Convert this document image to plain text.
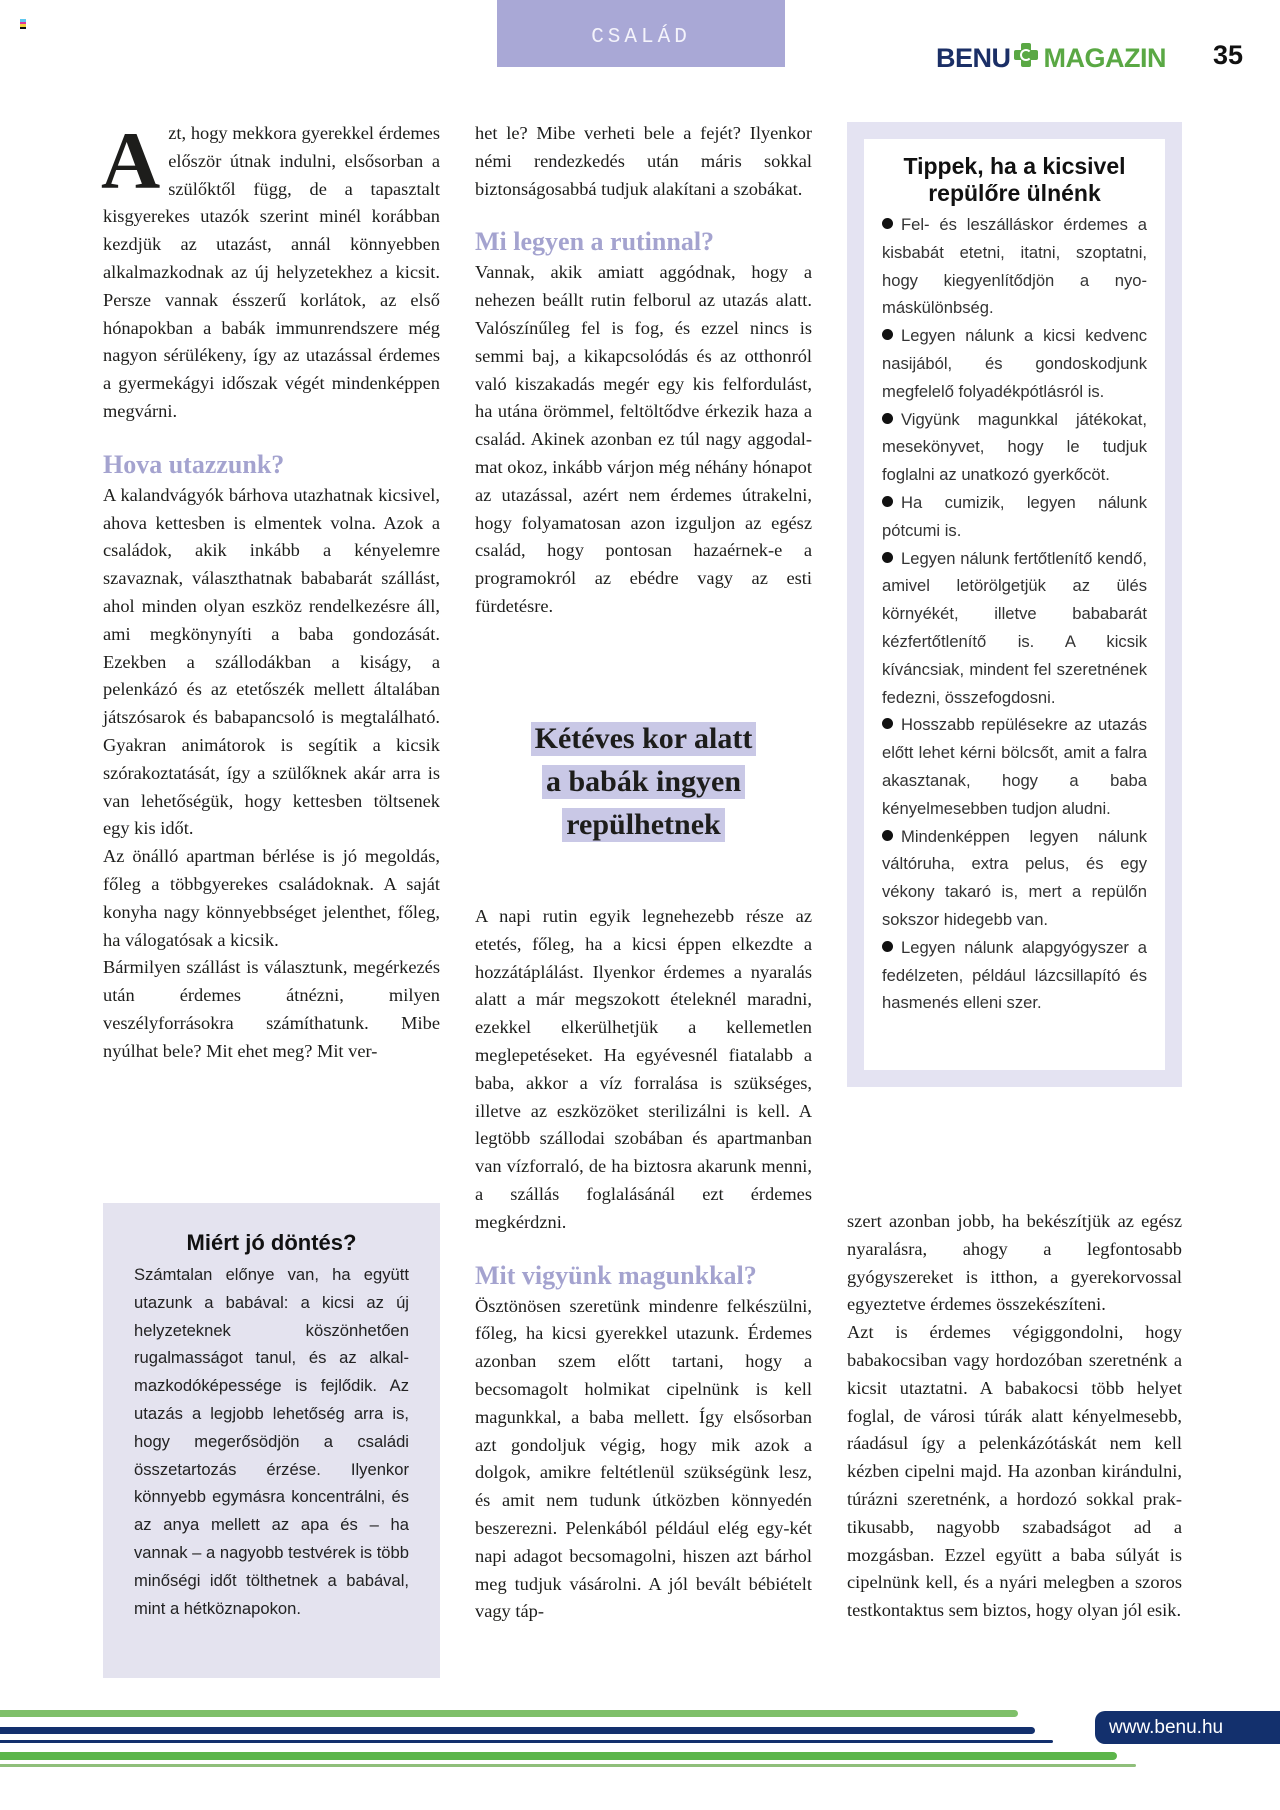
CSALÁD
BENU MAGAZIN 35

Azt, hogy mekkora gyerekkel érdemes először útnak indulni, elsősorban a szülőktől függ, de a tapasztalt kisgyerekes utazók szerint minél korábban kezdjük az utazást, annál könnyebben alkalmazkodnak az új helyzetekhez a kicsit. Persze vannak ésszerű korlátok, az első hónapokban a babák immunrendszere még nagyon sérülékeny, így az utazással érdemes a gyermekágyi időszak végét mindenképpen megvárni.

Hova utazzunk?

A kalandvágyók bárhova utazhatnak kicsivel, ahova kettesben is elmentek volna. Azok a családok, akik inkább a kényelemre szavaznak, választhatnak bababarát szállást, ahol minden olyan eszköz rendelkezésre áll, ami megkönynyíti a baba gondozását. Ezekben a szállodákban a kiságy, a pelenkázó és az etetőszék mellett általában játszósarok és babapancsoló is megtalálható. Gyakran animátorok is segítik a kicsik szórakoztatását, így a szülőknek akár arra is van lehetőségük, hogy kettesben töltsenek egy kis időt.

Az önálló apartman bérlése is jó megoldás, főleg a többgyerekes családoknak. A saját konyha nagy könnyebbséget jelenthet, főleg, ha válogatósak a kicsik.

Bármilyen szállást is választunk, megérkezés után érdemes átnézni, milyen veszélyforrásokra számíthatunk. Mibe nyúlhat bele? Mit ehet meg? Mit ver-

Miért jó döntés?

Számtalan előnye van, ha együtt utazunk a babával: a kicsi az új helyzeteknek köszönhetően rugalmasságot tanul, és az alkalmazkodóképessége is fejlődik. Az utazás a legjobb lehetőség arra is, hogy megerősödjön a családi összetartozás érzése. Ilyenkor könnyebb egymásra koncentrálni, és az anya mellett az apa és – ha vannak – a nagyobb testvérek is több minőségi időt tölthetnek a babával, mint a hétköznapokon.

het le? Mibe verheti bele a fejét? Ilyenkor némi rendezkedés után máris sokkal biztonságosabbá tudjuk alakítani a szobákat.

Mi legyen a rutinnal?

Vannak, akik amiatt aggódnak, hogy a nehezen beállt rutin felborul az utazás alatt. Valószínűleg fel is fog, és ezzel nincs is semmi baj, a kikapcsolódás és az otthonról való kiszakadás megér egy kis felfordulást, ha utána örömmel, feltöltődve érkezik haza a család. Akinek azonban ez túl nagy aggodalmat okoz, inkább várjon még néhány hónapot az utazással, azért nem érdemes útrakelni, hogy folyamatosan azon izguljon az egész család, hogy pontosan hazaérnek-e a programokról az ebédre vagy az esti fürdetésre.

Kétéves kor alatt
a babák ingyen
repülhetnek

A napi rutin egyik legnehezebb része az etetés, főleg, ha a kicsi éppen elkezdte a hozzátáplálást. Ilyenkor érdemes a nyaralás alatt a már megszokott ételeknél maradni, ezekkel elkerülhetjük a kellemetlen meglepetéseket. Ha egyévesnél fiatalabb a baba, akkor a víz forralása is szükséges, illetve az eszközöket sterilizálni is kell. A legtöbb szállodai szobában és apartmanban van vízforraló, de ha biztosra akarunk menni, a szállás foglalásánál ezt érdemes megkérdzni.

Mit vigyünk magunkkal?

Ösztönösen szeretünk mindenre felkészülni, főleg, ha kicsi gyerekkel utazunk. Érdemes azonban szem előtt tartani, hogy a becsomagolt holmikat cipelnünk is kell magunkkal, a baba mellett. Így elsősorban azt gondoljuk végig, hogy mik azok a dolgok, amikre feltétlenül szükségünk lesz, és amit nem tudunk útközben könnyedén beszerezni. Pelenkából például elég egy-két napi adagot becsomagolni, hiszen azt bárhol meg tudjuk vásárolni. A jól bevált bébiételt vagy táp-

Tippek, ha a kicsivel repülőre ülnénk

Fel- és leszálláskor érdemes a kisbabát etetni, itatni, szoptatni, hogy kiegyenlítődjön a nyomáskülönbség.

Legyen nálunk a kicsi kedvenc nasijából, és gondoskodjunk megfelelő folyadékpótlásról is.

Vigyünk magunkkal játékokat, mesekönyvet, hogy le tudjuk foglalni az unatkozó gyerkőcöt.

Ha cumizik, legyen nálunk pótcumi is.

Legyen nálunk fertőtlenítő kendő, amivel letörölgetjük az ülés környékét, illetve bababarát kézfertőtlenítő is. A kicsik kíváncsiak, mindent fel szeretnének fedezni, összefogdosni.

Hosszabb repülésekre az utazás előtt lehet kérni bölcsőt, amit a falra akasztanak, hogy a baba kényelmesebben tudjon aludni.

Mindenképpen legyen nálunk váltóruha, extra pelus, és egy vékony takaró is, mert a repülőn sokszor hidegebb van.

Legyen nálunk alapgyógyszer a fedélzeten, például lázcsillapító és hasmenés elleni szer.

szert azonban jobb, ha bekészítjük az egész nyaralásra, ahogy a legfontosabb gyógyszereket is itthon, a gyerekorvossal egyeztetve érdemes összekészíteni.

Azt is érdemes végiggondolni, hogy babakocsiban vagy hordozóban szeretnénk a kicsit utaztatni. A babakocsi több helyet foglal, de városi túrák alatt kényelmesebb, ráadásul így a pelenkázótáskát nem kell kézben cipelni majd. Ha azonban kirándulni, túrázni szeretnénk, a hordozó sokkal praktikusabb, nagyobb szabadságot ad a mozgásban. Ezzel együtt a baba súlyát is cipelnünk kell, és a nyári melegben a szoros testkontaktus sem biztos, hogy olyan jól esik.

www.benu.hu
